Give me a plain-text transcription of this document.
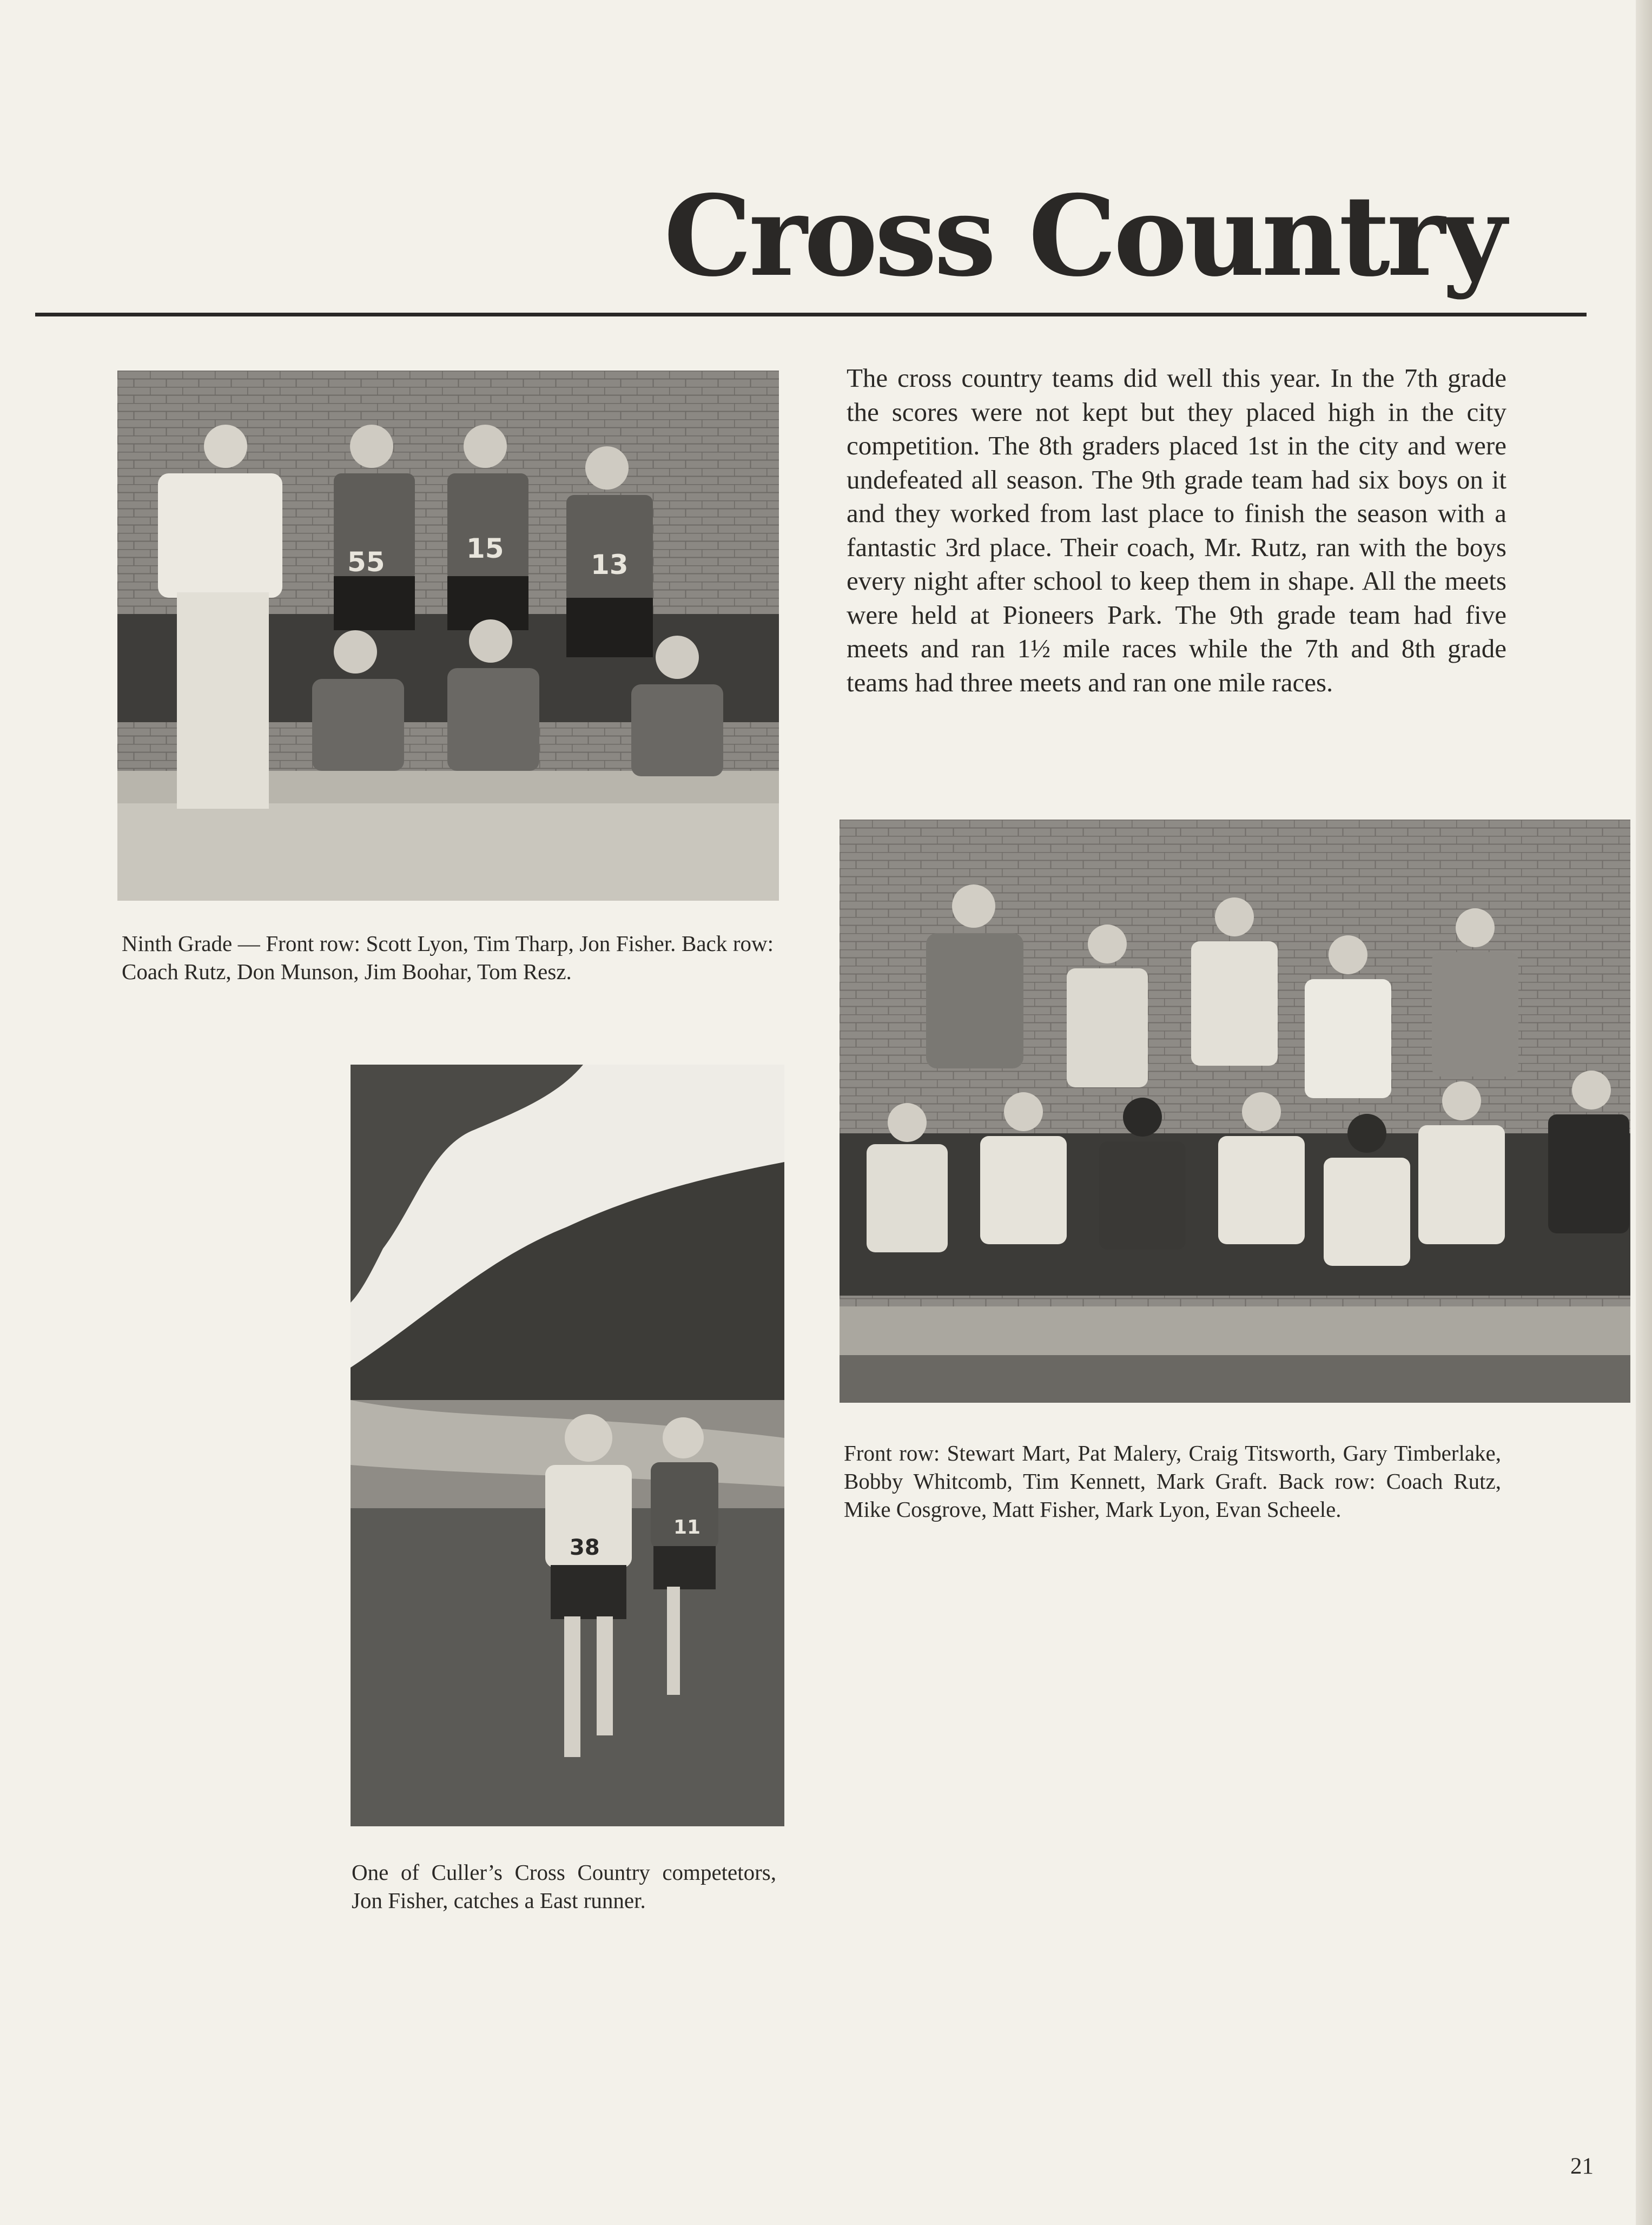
Cross Country
55	15
13
Ninth Grade — Front row: Scott Lyon, Tim Tharp, Jon Fisher. Back row: Coach Rutz, Don Munson, Jim Boohar, Tom Resz.
The cross country teams did well this year. In the 7th grade the scores were not kept but they placed high in the city competition. The 8th graders placed 1st in the city and were undefeated all season. The 9th grade team had six boys on it and they worked from last place to finish the season with a fantastic 3rd place. Their coach, Mr. Rutz, ran with the boys every night after school to keep them in shape. All the meets were held at Pioneers Park. The 9th grade team had five meets and ran 1½ mile races while the 7th and 8th grade teams had three meets and ran one mile races.
Front row: Stewart Mart, Pat Malery, Craig Titsworth, Gary Timberlake, Bobby Whitcomb, Tim Kennett, Mark Graft. Back row: Coach Rutz, Mike Cosgrove, Matt Fisher, Mark Lyon, Evan Scheele.
38
11
One of Culler’s Cross Country competetors, Jon Fisher, catches a East runner.
21
